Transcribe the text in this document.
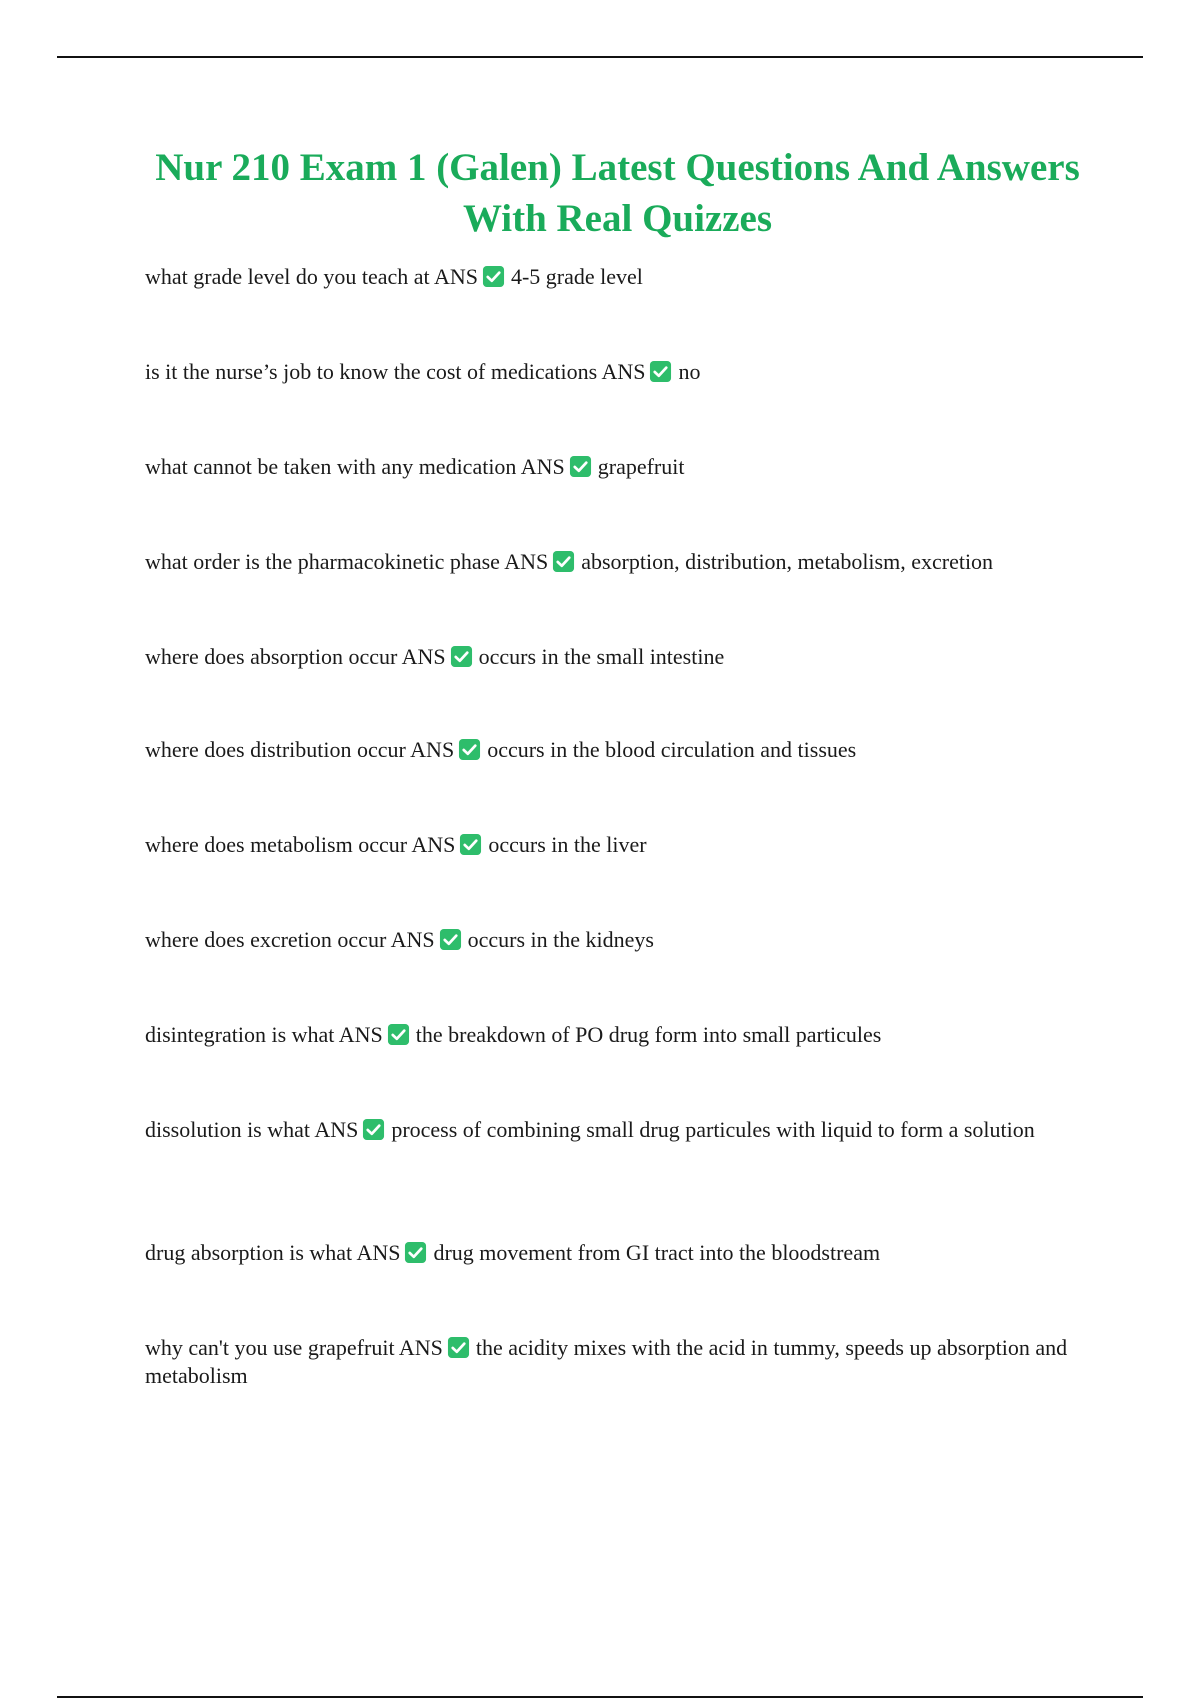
Nur 210 Exam 1 (Galen) Latest Questions And Answers With Real Quizzes

what grade level do you teach at ANS 4-5 grade level

is it the nurse’s job to know the cost of medications ANS no

what cannot be taken with any medication ANS grapefruit

what order is the pharmacokinetic phase ANS absorption, distribution, metabolism, excretion

where does absorption occur ANS occurs in the small intestine

where does distribution occur ANS occurs in the blood circulation and tissues

where does metabolism occur ANS occurs in the liver

where does excretion occur ANS occurs in the kidneys

disintegration is what ANS the breakdown of PO drug form into small particules

dissolution is what ANS process of combining small drug particules with liquid to form a solution

drug absorption is what ANS drug movement from GI tract into the bloodstream

why can't you use grapefruit ANS the acidity mixes with the acid in tummy, speeds up absorption and metabolism
